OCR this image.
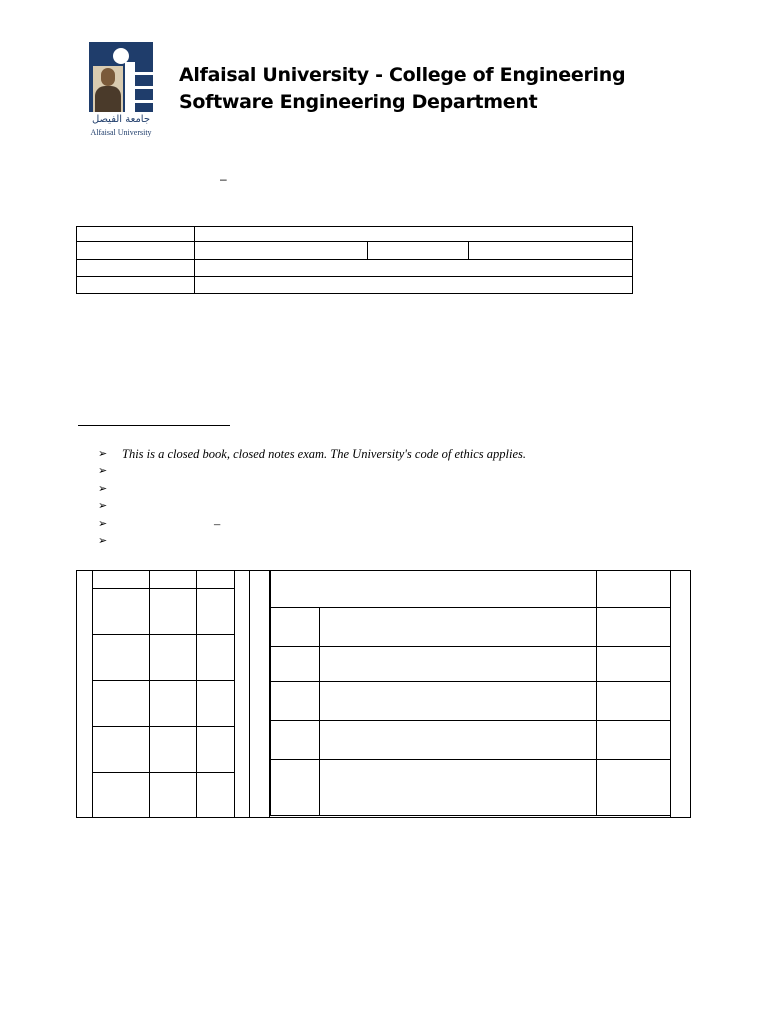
جامعة الفيصل
Alfaisal University
Alfaisal University - College of Engineering
Software Engineering Department
–
➢ This is a closed book, closed notes exam. The University's code of ethics applies.
➢
➢
➢
➢	–
➢
